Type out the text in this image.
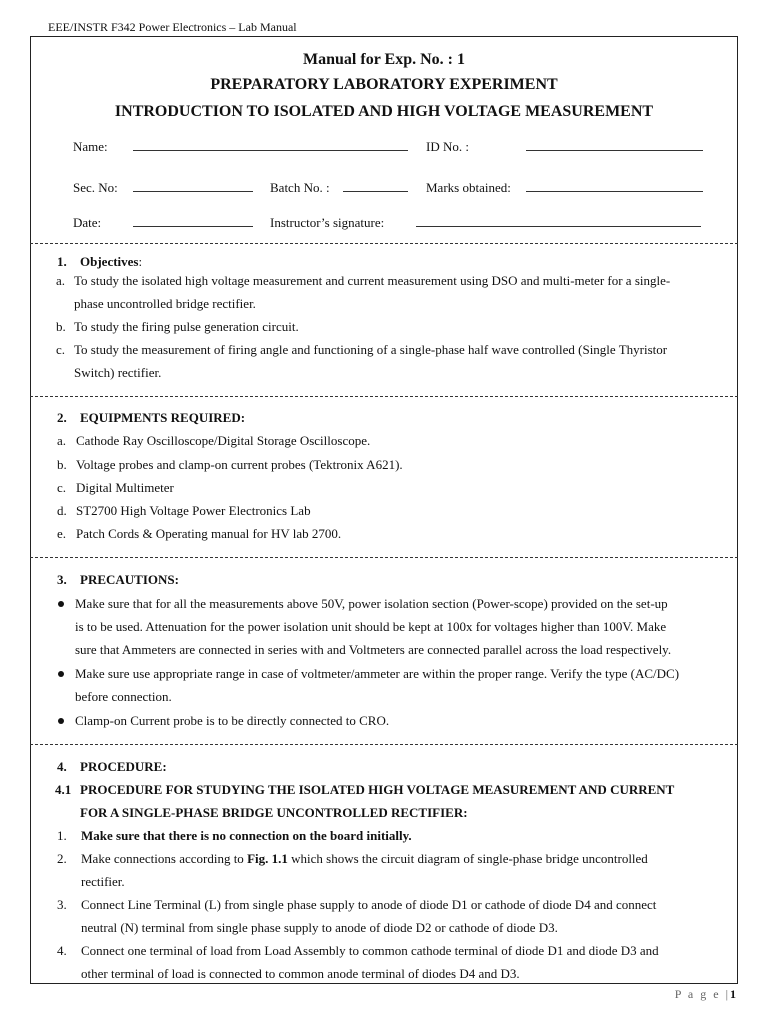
EEE/INSTR F342 Power Electronics – Lab Manual
Manual for Exp. No. : 1
PREPARATORY LABORATORY EXPERIMENT
INTRODUCTION TO ISOLATED AND HIGH VOLTAGE MEASUREMENT
Name:	ID No. :
Sec. No:	Batch No. :	Marks obtained:
Date:	Instructor’s signature:
1. Objectives:
a. To study the isolated high voltage measurement and current measurement using DSO and multi-meter for a single-
phase uncontrolled bridge rectifier.
b. To study the firing pulse generation circuit.
c. To study the measurement of firing angle and functioning of a single-phase half wave controlled (Single Thyristor
Switch) rectifier.
2. EQUIPMENTS REQUIRED:
a. Cathode Ray Oscilloscope/Digital Storage Oscilloscope.
b. Voltage probes and clamp-on current probes (Tektronix A621).
c. Digital Multimeter
d. ST2700 High Voltage Power Electronics Lab
e. Patch Cords & Operating manual for HV lab 2700.
3. PRECAUTIONS:
Make sure that for all the measurements above 50V, power isolation section (Power-scope) provided on the set-up
is to be used. Attenuation for the power isolation unit should be kept at 100x for voltages higher than 100V. Make
sure that Ammeters are connected in series with and Voltmeters are connected parallel across the load respectively.
Make sure use appropriate range in case of voltmeter/ammeter are within the proper range. Verify the type (AC/DC)
before connection.
Clamp-on Current probe is to be directly connected to CRO.
4. PROCEDURE:
4.1 PROCEDURE FOR STUDYING THE ISOLATED HIGH VOLTAGE MEASUREMENT AND CURRENT
FOR A SINGLE-PHASE BRIDGE UNCONTROLLED RECTIFIER:
1. Make sure that there is no connection on the board initially.
2. Make connections according to Fig. 1.1 which shows the circuit diagram of single-phase bridge uncontrolled
rectifier.
3. Connect Line Terminal (L) from single phase supply to anode of diode D1 or cathode of diode D4 and connect
neutral (N) terminal from single phase supply to anode of diode D2 or cathode of diode D3.
4. Connect one terminal of load from Load Assembly to common cathode terminal of diode D1 and diode D3 and
other terminal of load is connected to common anode terminal of diodes D4 and D3.
P a g e |1
